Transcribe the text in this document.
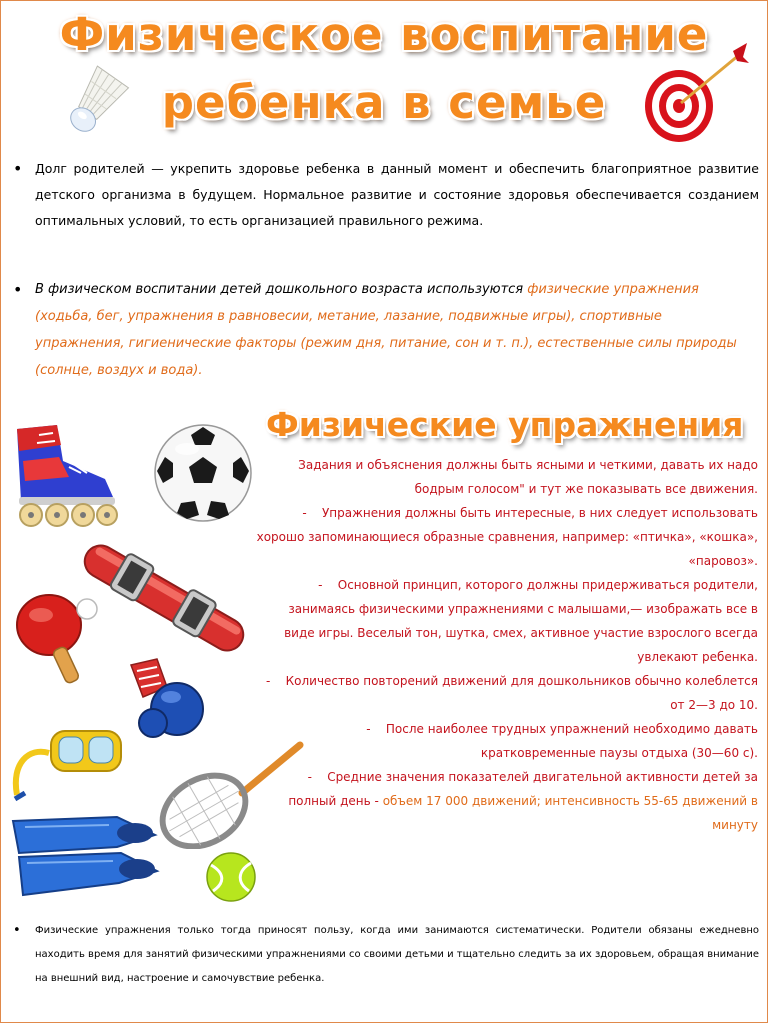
Физическое воспитание
ребенка в семье
• Долг родителей — укрепить здоровье ребенка в данный момент и обеспечить благоприятное развитие детского организма в будущем. Нормальное развитие и состояние здоровья обеспечивается созданием оптимальных условий, то есть организацией правильного режима.
• В физическом воспитании детей дошкольного возраста используются физические упражнения (ходьба, бег, упражнения в равновесии, метание, лазание, подвижные игры), спортивные упражнения, гигиенические факторы (режим дня, питание, сон и т. п.), естественные силы природы (солнце, воздух и вода).
Физические упражнения
Задания и объяснения должны быть ясными и четкими, давать их надо бодрым голосом" и тут же показывать все движения.
- Упражнения должны быть интересные, в них следует использовать хорошо запоминающиеся образные сравнения, например: «птичка», «кошка», «паровоз».
- Основной принцип, которого должны придерживаться родители, занимаясь физическими упражнениями с малышами,— изображать все в виде игры. Веселый тон, шутка, смех, активное участие взрослого всегда увлекают ребенка.
- Количество повторений движений для дошкольников обычно колеблется от 2—3 до 10.
- После наиболее трудных упражнений необходимо давать кратковременные паузы отдыха (30—60 с).
- Средние значения показателей двигательной активности детей за полный день - объем 17 000 движений; интенсивность 55-65 движений в минуту
• Физические упражнения только тогда приносят пользу, когда ими занимаются систематически. Родители обязаны ежедневно находить время для занятий физическими упражнениями со своими детьми и тщательно следить за их здоровьем, обращая внимание на внешний вид, настроение и самочувствие ребенка.
